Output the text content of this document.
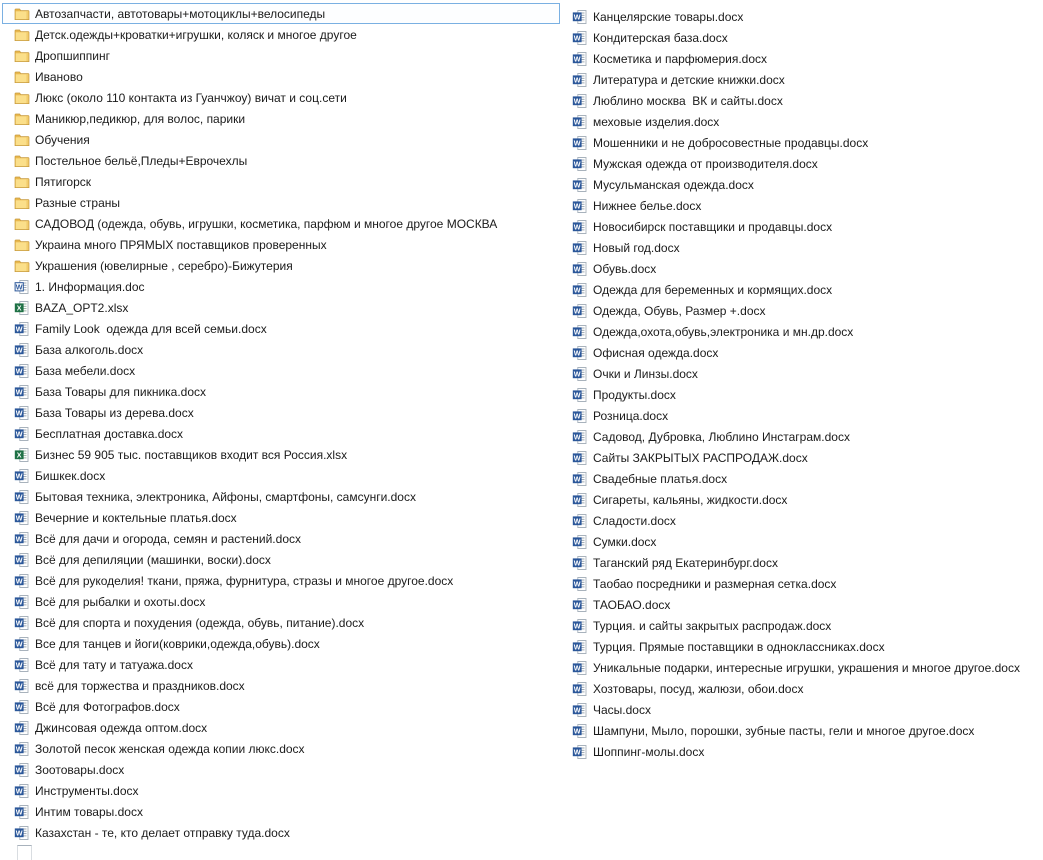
Автозапчасти, автотовары+мотоциклы+велосипеды
Детск.одежды+кроватки+игрушки, коляск и многое другое
Дропшиппинг
Иваново
Люкс (около 110 контакта из Гуанчжоу) вичат и соц.сети
Маникюр,педикюр, для волос, парики
Обучения
Постельное бельё,Пледы+Еврочехлы
Пятигорск
Разные страны
САДОВОД (одежда, обувь, игрушки, косметика, парфюм и многое другое МОСКВА
Украина много ПРЯМЫХ поставщиков проверенных
Украшения (ювелирные , серебро)-Бижутерия
W 1. Информация.doc
X BAZA_OPT2.xlsx
W Family Look  одежда для всей семьи.docx
W База алкоголь.docx
W База мебели.docx
W База Товары для пикника.docx
W База Товары из дерева.docx
W Бесплатная доставка.docx
X Бизнес 59 905 тыс. поставщиков входит вся Россия.xlsx
W Бишкек.docx
W Бытовая техника, электроника, Айфоны, смартфоны, самсунги.docx
W Вечерние и коктельные платья.docx
W Всё для дачи и огорода, семян и растений.docx
W Всё для депиляции (машинки, воски).docx
W Всё для рукоделия! ткани, пряжа, фурнитура, стразы и многое другое.docx
W Всё для рыбалки и охоты.docx
W Всё для спорта и похудения (одежда, обувь, питание).docx
W Все для танцев и йоги(коврики,одежда,обувь).docx
W Всё для тату и татуажа.docx
W всё для торжества и праздников.docx
W Всё для Фотографов.docx
W Джинсовая одежда оптом.docx
W Золотой песок женская одежда копии люкс.docx
W Зоотовары.docx
W Инструменты.docx
W Интим товары.docx
W Казахстан - те, кто делает отправку туда.docx
W Канцелярские товары.docx
W Кондитерская база.docx
W Косметика и парфюмерия.docx
W Литература и детские книжки.docx
W Люблино москва  ВК и сайты.docx
W меховые изделия.docx
W Мошенники и не добросовестные продавцы.docx
W Мужская одежда от производителя.docx
W Мусульманская одежда.docx
W Нижнее белье.docx
W Новосибирск поставщики и продавцы.docx
W Новый год.docx
W Обувь.docx
W Одежда для беременных и кормящих.docx
W Одежда, Обувь, Размер +.docx
W Одежда,охота,обувь,электроника и мн.др.docx
W Офисная одежда.docx
W Очки и Линзы.docx
W Продукты.docx
W Розница.docx
W Садовод, Дубровка, Люблино Инстаграм.docx
W Сайты ЗАКРЫТЫХ РАСПРОДАЖ.docx
W Свадебные платья.docx
W Сигареты, кальяны, жидкости.docx
W Сладости.docx
W Сумки.docx
W Таганский ряд Екатеринбург.docx
W Таобао посредники и размерная сетка.docx
W ТАОБАО.docx
W Турция. и сайты закрытых распродаж.docx
W Турция. Прямые поставщики в одноклассниках.docx
W Уникальные подарки, интересные игрушки, украшения и многое другое.docx
W Хозтовары, посуд, жалюзи, обои.docx
W Часы.docx
W Шампуни, Мыло, порошки, зубные пасты, гели и многое другое.docx
W Шоппинг-молы.docx
